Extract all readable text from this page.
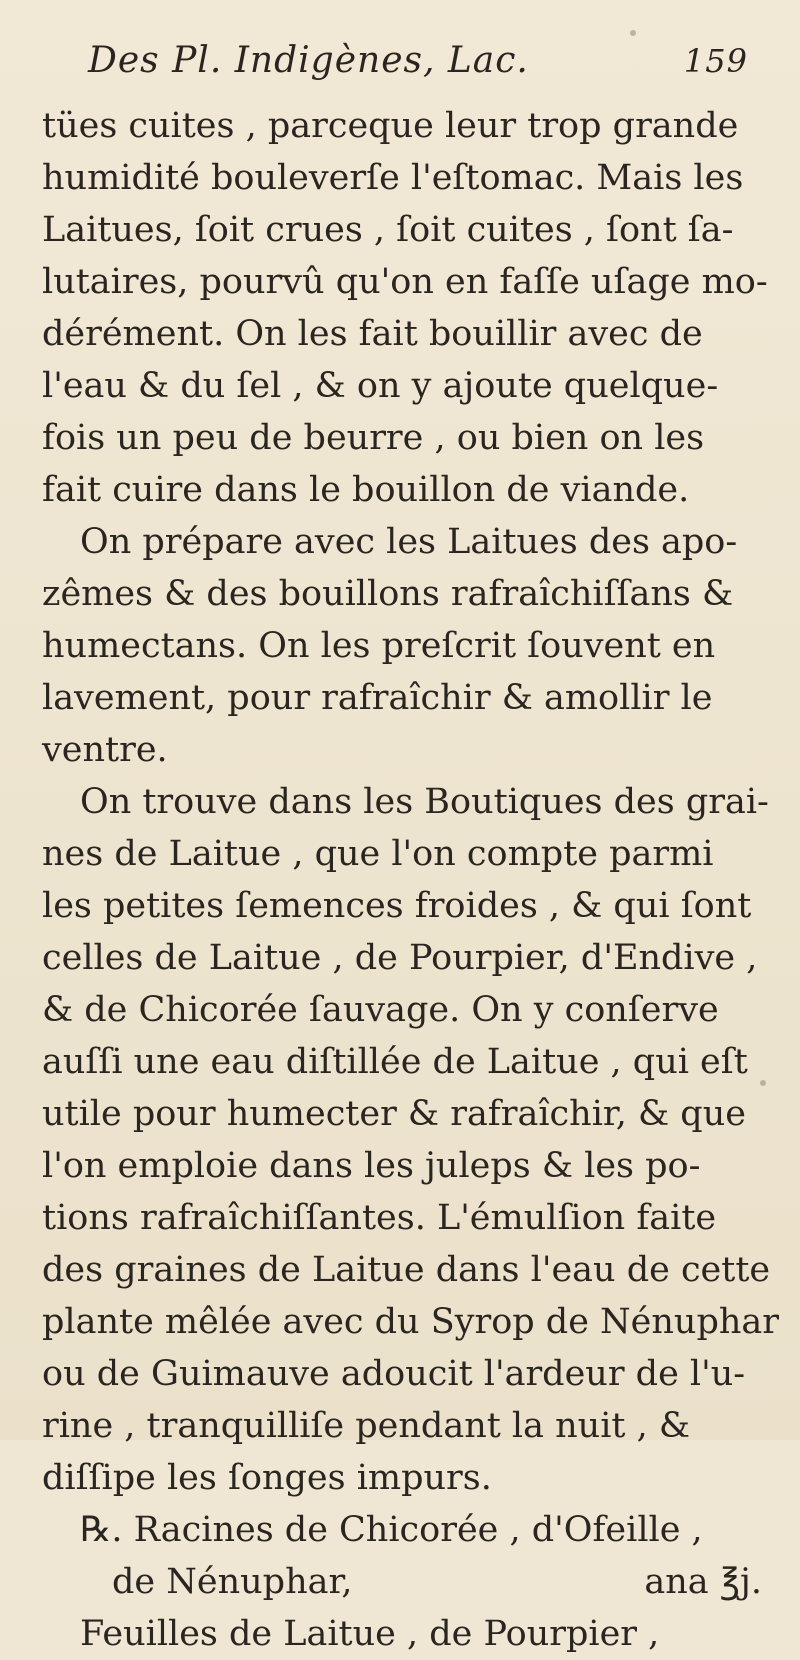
Des Pl. Indigènes, Lac.	159
tües cuites , parceque leur trop grande
humidité bouleverſe l'eſtomac. Mais les
Laitues, ſoit crues , ſoit cuites , ſont ſa-
lutaires, pourvû qu'on en faſſe uſage mo-
dérément. On les fait bouillir avec de
l'eau & du ſel , & on y ajoute quelque-
fois un peu de beurre , ou bien on les
fait cuire dans le bouillon de viande.
On prépare avec les Laitues des apo-
zêmes & des bouillons rafraîchiſſans &
humectans. On les preſcrit ſouvent en
lavement, pour rafraîchir & amollir le
ventre.
On trouve dans les Boutiques des grai-
nes de Laitue , que l'on compte parmi
les petites ſemences froides , & qui ſont
celles de Laitue , de Pourpier, d'Endive ,
& de Chicorée ſauvage. On y conſerve
auſſi une eau diſtillée de Laitue , qui eſt
utile pour humecter & rafraîchir, & que
l'on emploie dans les juleps & les po-
tions rafraîchiſſantes. L'émulſion faite
des graines de Laitue dans l'eau de cette
plante mêlée avec du Syrop de Nénuphar
ou de Guimauve adoucit l'ardeur de l'u-
rine , tranquilliſe pendant la nuit , &
diſſipe les ſonges impurs.
℞. Racines de Chicorée , d'Ofeille ,
de Nénuphar,	ana ℥j.
Feuilles de Laitue , de Pourpier ,
